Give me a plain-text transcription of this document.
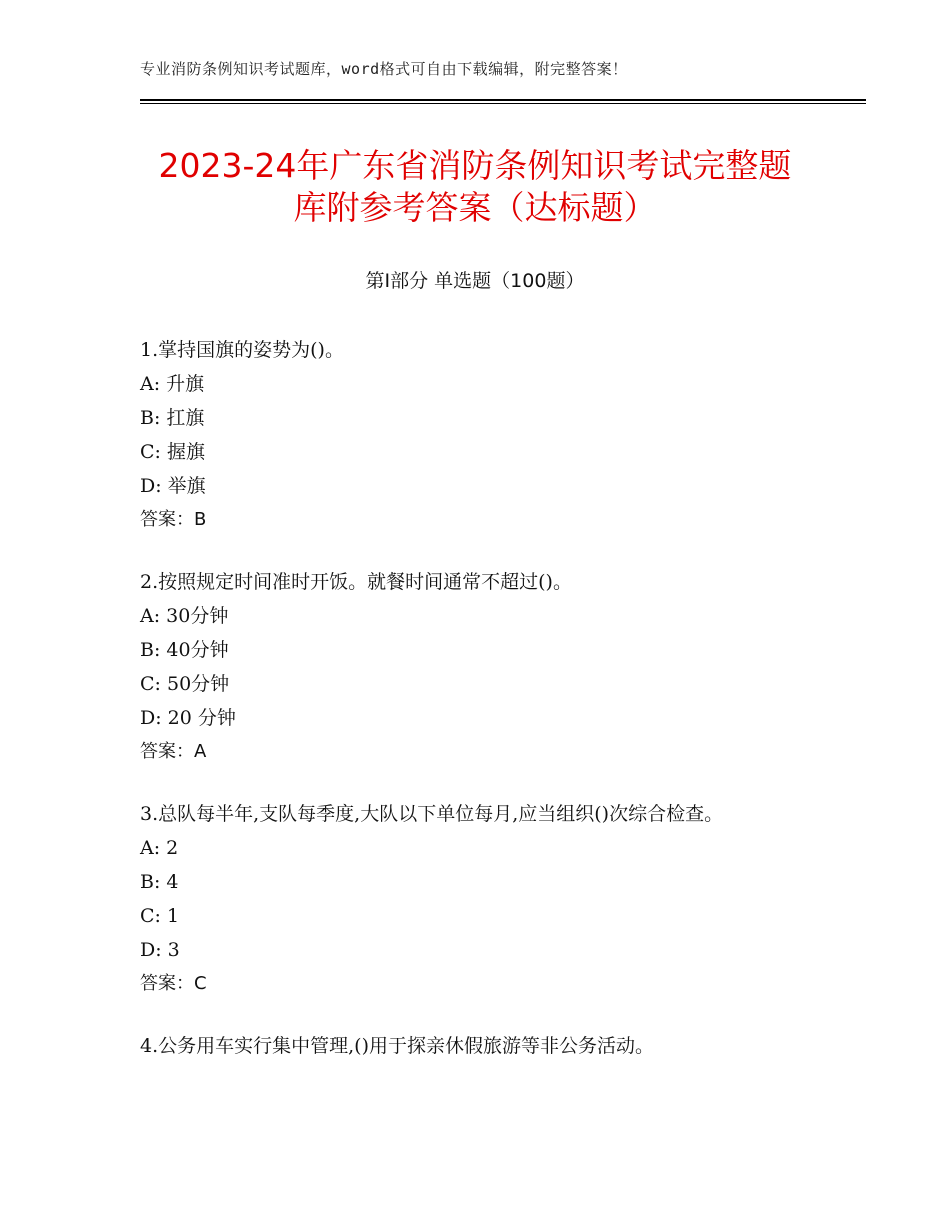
专业消防条例知识考试题库，word格式可自由下载编辑，附完整答案！
2023-24年广东省消防条例知识考试完整题
库附参考答案（达标题）
第Ⅰ部分 单选题（100题）

1.掌持国旗的姿势为()。

A: 升旗

B: 扛旗

C: 握旗

D: 举旗

答案：B

2.按照规定时间准时开饭。就餐时间通常不超过()。

A: 30分钟

B: 40分钟

C: 50分钟

D: 20 分钟

答案：A

3.总队每半年,支队每季度,大队以下单位每月,应当组织()次综合检查。

A: 2

B: 4

C: 1

D: 3

答案：C

4.公务用车实行集中管理,()用于探亲休假旅游等非公务活动。
